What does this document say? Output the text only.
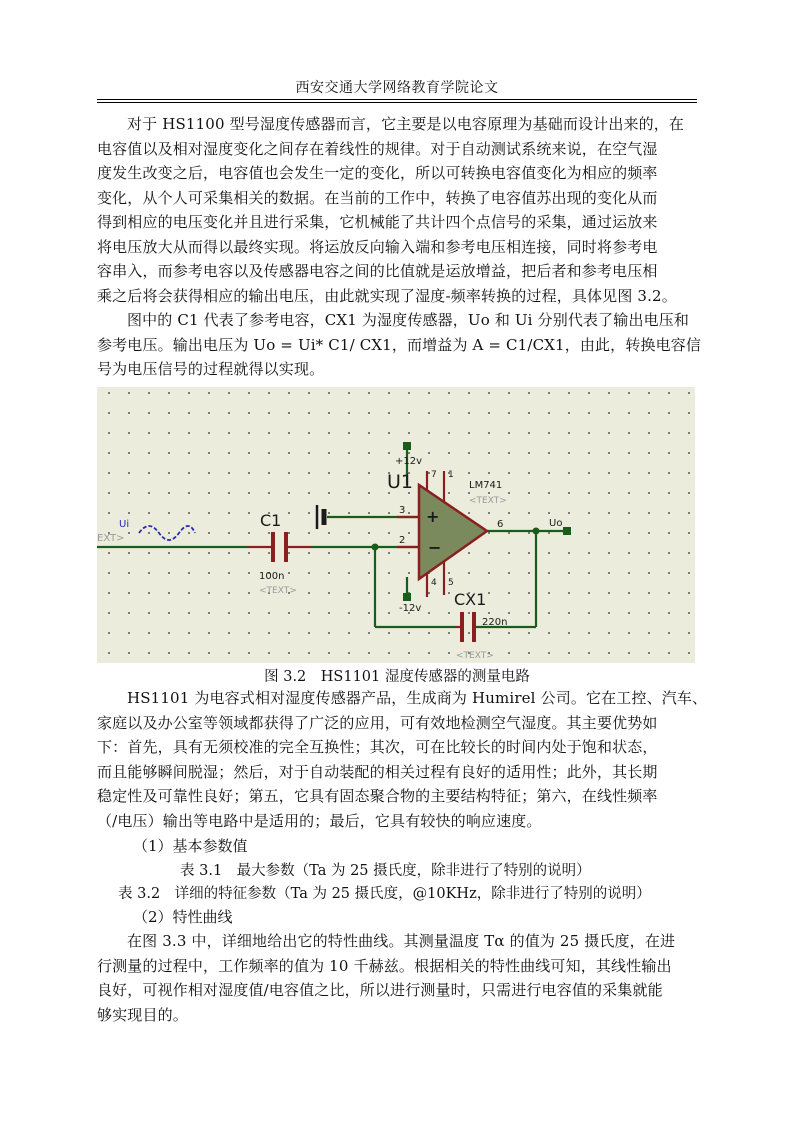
西安交通大学网络教育学院论文
对于 HS1100 型号湿度传感器而言，它主要是以电容原理为基础而设计出来的，在
电容值以及相对湿度变化之间存在着线性的规律。对于自动测试系统来说，在空气湿
度发生改变之后，电容值也会发生一定的变化，所以可转换电容值变化为相应的频率
变化，从个人可采集相关的数据。在当前的工作中，转换了电容值苏出现的变化从而
得到相应的电压变化并且进行采集，它机械能了共计四个点信号的采集，通过运放来
将电压放大从而得以最终实现。将运放反向输入端和参考电压相连接，同时将参考电
容串入，而参考电容以及传感器电容之间的比值就是运放增益，把后者和参考电压相
乘之后将会获得相应的输出电压，由此就实现了湿度-频率转换的过程，具体见图 3.2。
图中的 C1 代表了参考电容，CX1 为湿度传感器，Uo 和 Ui 分别代表了输出电压和
参考电压。输出电压为 Uo = Ui* C1/ CX1，而增益为 A = C1/CX1，由此，转换电容信
号为电压信号的过程就得以实现。
+
−
+12v
-12v
U1	LM741
<TEXT>
7 1
3
2
6
4 5
Uo
Ui
EXT>
C1
100n
<TEXT>	CX1
220n
<TEXT>
图 3.2　HS1101 湿度传感器的测量电路
HS1101 为电容式相对湿度传感器产品，生成商为 Humirel 公司。它在工控、汽车、
家庭以及办公室等领域都获得了广泛的应用，可有效地检测空气湿度。其主要优势如
下：首先，具有无须校准的完全互换性；其次，可在比较长的时间内处于饱和状态，
而且能够瞬间脱湿；然后，对于自动装配的相关过程有良好的适用性；此外，其长期
稳定性及可靠性良好；第五，它具有固态聚合物的主要结构特征；第六，在线性频率
（/电压）输出等电路中是适用的；最后，它具有较快的响应速度。
（1）基本参数值
表 3.1　最大参数（Ta 为 25 摄氏度，除非进行了特别的说明）
表 3.2　详细的特征参数（Ta 为 25 摄氏度，@10KHz，除非进行了特别的说明）
（2）特性曲线
在图 3.3 中，详细地给出它的特性曲线。其测量温度 Tα 的值为 25 摄氏度，在进
行测量的过程中，工作频率的值为 10 千赫兹。根据相关的特性曲线可知，其线性输出
良好，可视作相对湿度值/电容值之比，所以进行测量时，只需进行电容值的采集就能
够实现目的。
